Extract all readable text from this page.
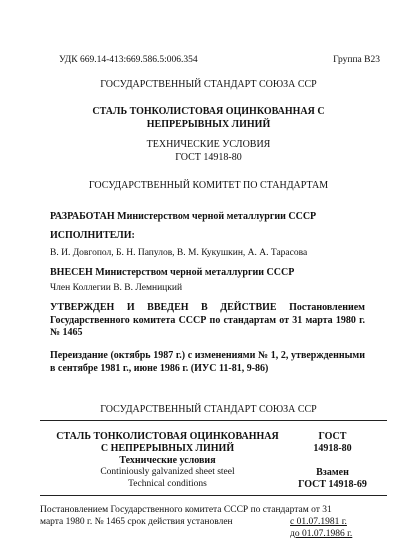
УДК 669.14-413:669.586.5:006.354	Группа В23
ГОСУДАРСТВЕННЫЙ СТАНДАРТ СОЮЗА ССР
СТАЛЬ ТОНКОЛИСТОВАЯ ОЦИНКОВАННАЯ С
НЕПРЕРЫВНЫХ ЛИНИЙ
ТЕХНИЧЕСКИЕ УСЛОВИЯ
ГОСТ 14918-80
ГОСУДАРСТВЕННЫЙ КОМИТЕТ ПО СТАНДАРТАМ
РАЗРАБОТАН Министерством черной металлургии СССР
ИСПОЛНИТЕЛИ:
В. И. Довгопол, Б. Н. Папулов, В. М. Кукушкин, А. А. Тарасова
ВНЕСЕН Министерством черной металлургии СССР
Член Коллегии В. В. Лемницкий
УТВЕРЖДЕН И ВВЕДЕН В ДЕЙСТВИЕ Постановлением Государственного комитета СССР по стандартам от 31 марта 1980 г. № 1465
Переиздание (октябрь 1987 г.) с изменениями № 1, 2, утвержденными в сентябре 1981 г., июне 1986 г. (ИУС 11-81, 9-86)
ГОСУДАРСТВЕННЫЙ СТАНДАРТ СОЮЗА ССР
СТАЛЬ ТОНКОЛИСТОВАЯ ОЦИНКОВАННАЯ
С НЕПРЕРЫВНЫХ ЛИНИЙ
Технические условия
Continiously galvanized sheet steel
Technical conditions
ГОСТ
14918-80
Взамен
ГОСТ 14918-69
Постановлением Государственного комитета СССР по стандартам от 31
марта 1980 г. № 1465 срок действия установлен	с 01.07.1981 г.
до 01.07.1986 г.
